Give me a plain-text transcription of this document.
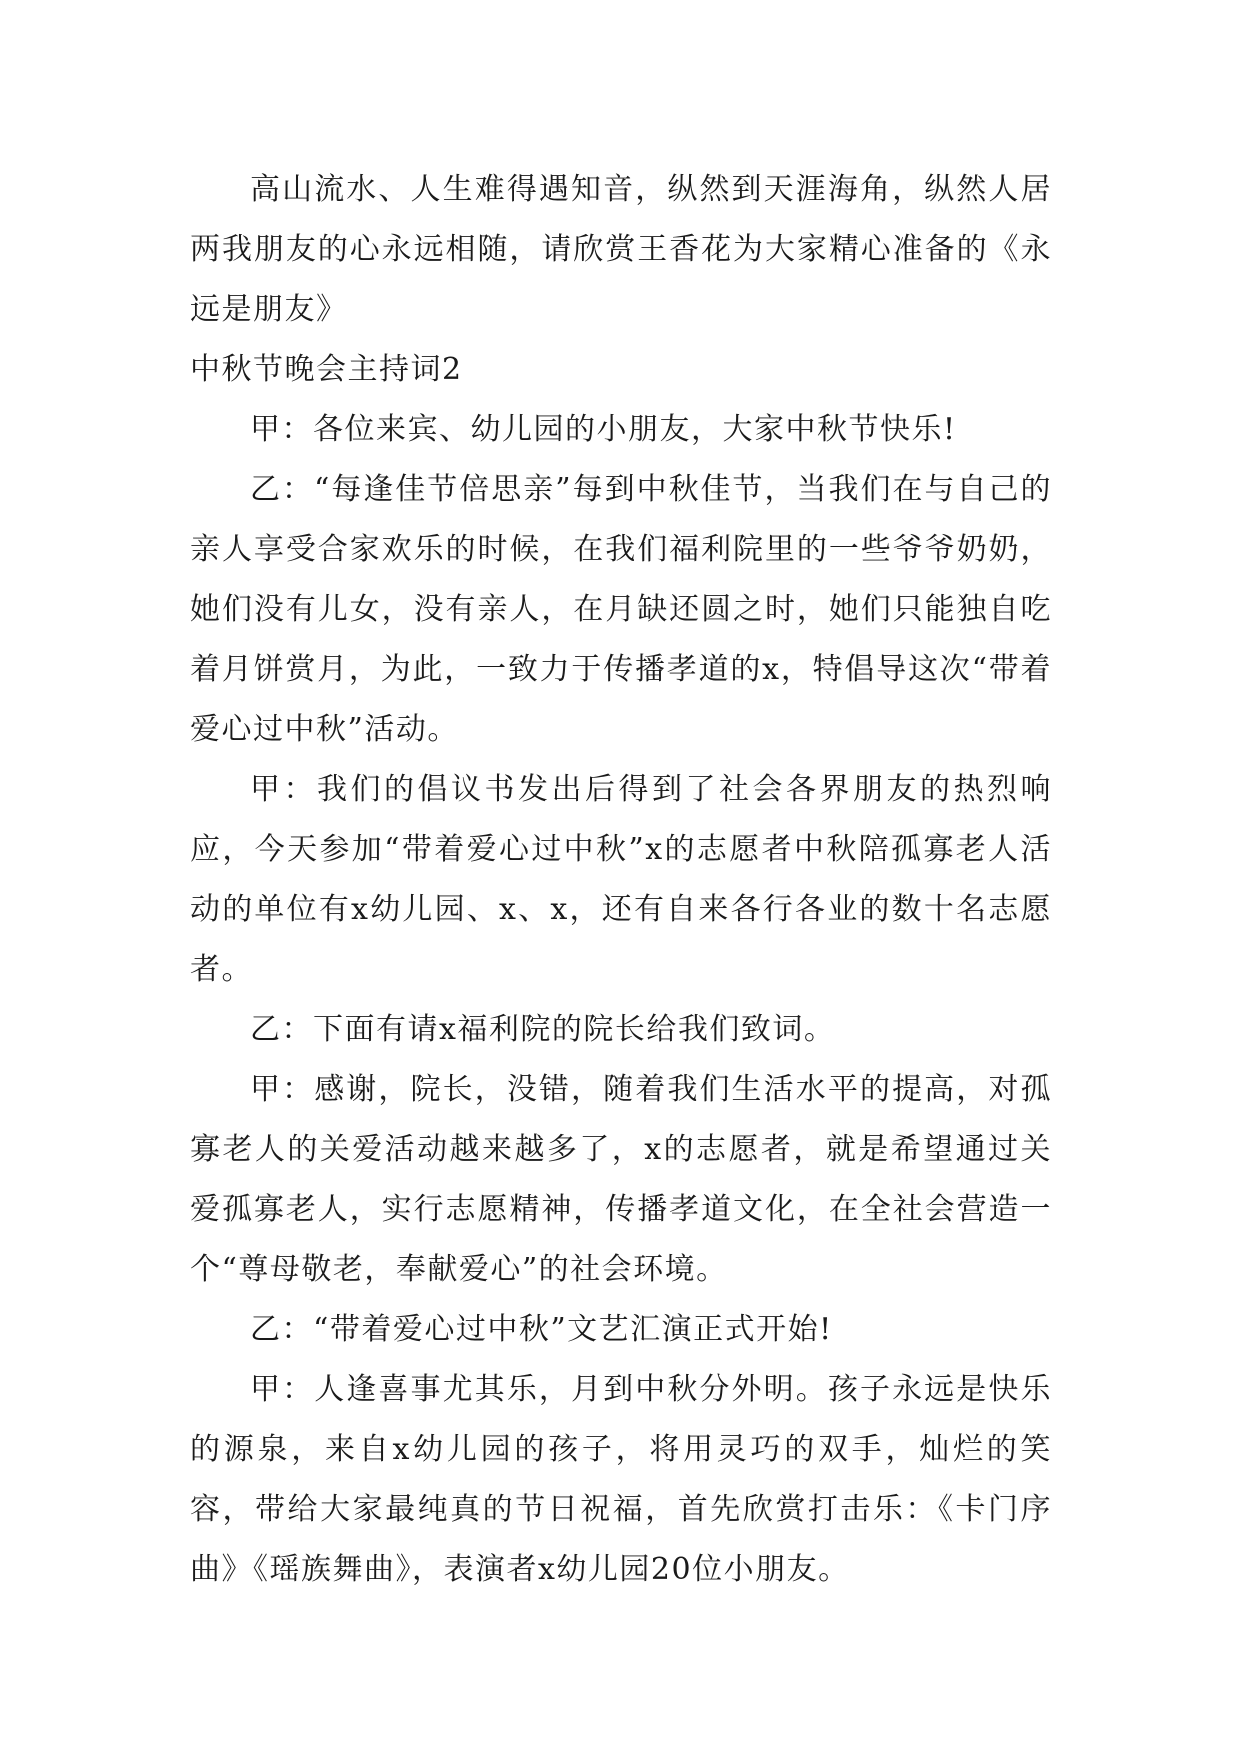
高山流水、人生难得遇知音，纵然到天涯海角，纵然人居两我朋友的心永远相随，请欣赏王香花为大家精心准备的《永远是朋友》

中秋节晚会主持词2

甲：各位来宾、幼儿园的小朋友，大家中秋节快乐!

乙：“每逢佳节倍思亲”每到中秋佳节，当我们在与自己的亲人享受合家欢乐的时候，在我们福利院里的一些爷爷奶奶，她们没有儿女，没有亲人，在月缺还圆之时，她们只能独自吃着月饼赏月，为此，一致力于传播孝道的x，特倡导这次“带着爱心过中秋”活动。

甲：我们的倡议书发出后得到了社会各界朋友的热烈响应，今天参加“带着爱心过中秋”x的志愿者中秋陪孤寡老人活动的单位有x幼儿园、x、x，还有自来各行各业的数十名志愿者。

乙：下面有请x福利院的院长给我们致词。

甲：感谢，院长，没错，随着我们生活水平的提高，对孤寡老人的关爱活动越来越多了，x的志愿者，就是希望通过关爱孤寡老人，实行志愿精神，传播孝道文化，在全社会营造一个“尊母敬老，奉献爱心”的社会环境。

乙：“带着爱心过中秋”文艺汇演正式开始!

甲：人逢喜事尤其乐，月到中秋分外明。孩子永远是快乐的源泉，来自x幼儿园的孩子，将用灵巧的双手，灿烂的笑容，带给大家最纯真的节日祝福，首先欣赏打击乐：《卡门序曲》《瑶族舞曲》，表演者x幼儿园20位小朋友。
